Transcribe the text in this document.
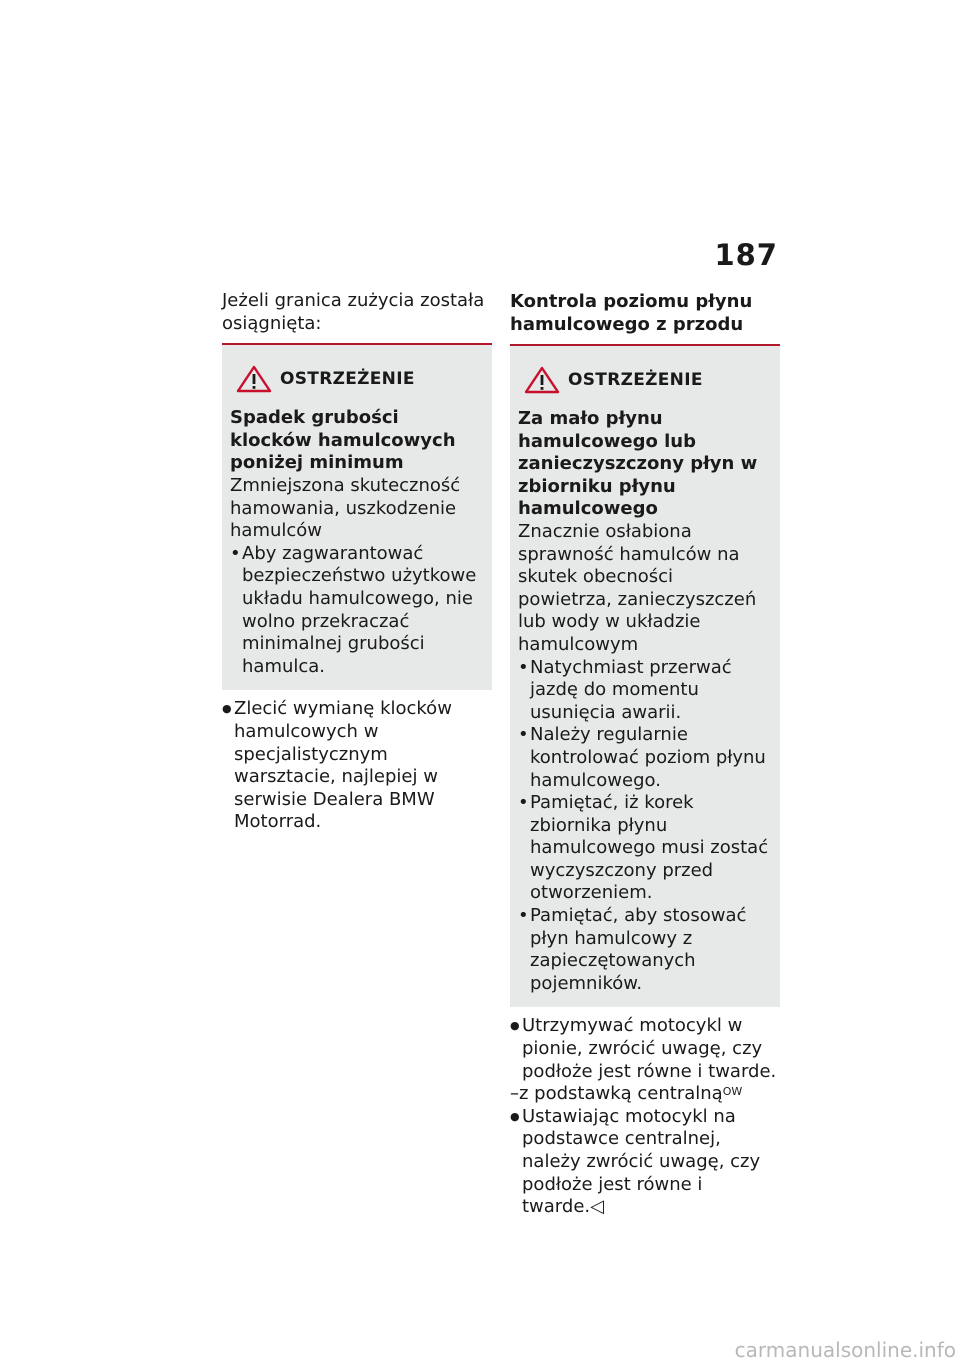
187

Jeżeli granica zużycia została osiągnięta:

OSTRZEŻENIE

Spadek grubości klocków hamulcowych poniżej minimum

Zmniejszona skuteczność hamowania, uszkodzenie hamulców

• Aby zagwarantować bezpieczeństwo użytkowe układu hamulcowego, nie wolno przekraczać minimalnej grubości hamulca.

● Zlecić wymianę klocków hamulcowych w specjalistycznym warsztacie, najlepiej w serwisie Dealera BMW Motorrad.

Kontrola poziomu płynu hamulcowego z przodu

OSTRZEŻENIE

Za mało płynu hamulcowego lub zanieczyszczony płyn w zbiorniku płynu hamulcowego

Znacznie osłabiona sprawność hamulców na skutek obecności powietrza, zanieczyszczeń lub wody w układzie hamulcowym

• Natychmiast przerwać jazdę do momentu usunięcia awarii.
• Należy regularnie kontrolować poziom płynu hamulcowego.
• Pamiętać, iż korek zbiornika płynu hamulcowego musi zostać wyczyszczony przed otworzeniem.
• Pamiętać, aby stosować płyn hamulcowy z zapieczętowanych pojemników.

● Utrzymywać motocykl w pionie, zwrócić uwagę, czy podłoże jest równe i twarde.

–z podstawką centralną$^{OW}$

● Ustawiając motocykl na podstawce centralnej, należy zwrócić uwagę, czy podłoże jest równe i twarde.◁

carmanualsonline.info
